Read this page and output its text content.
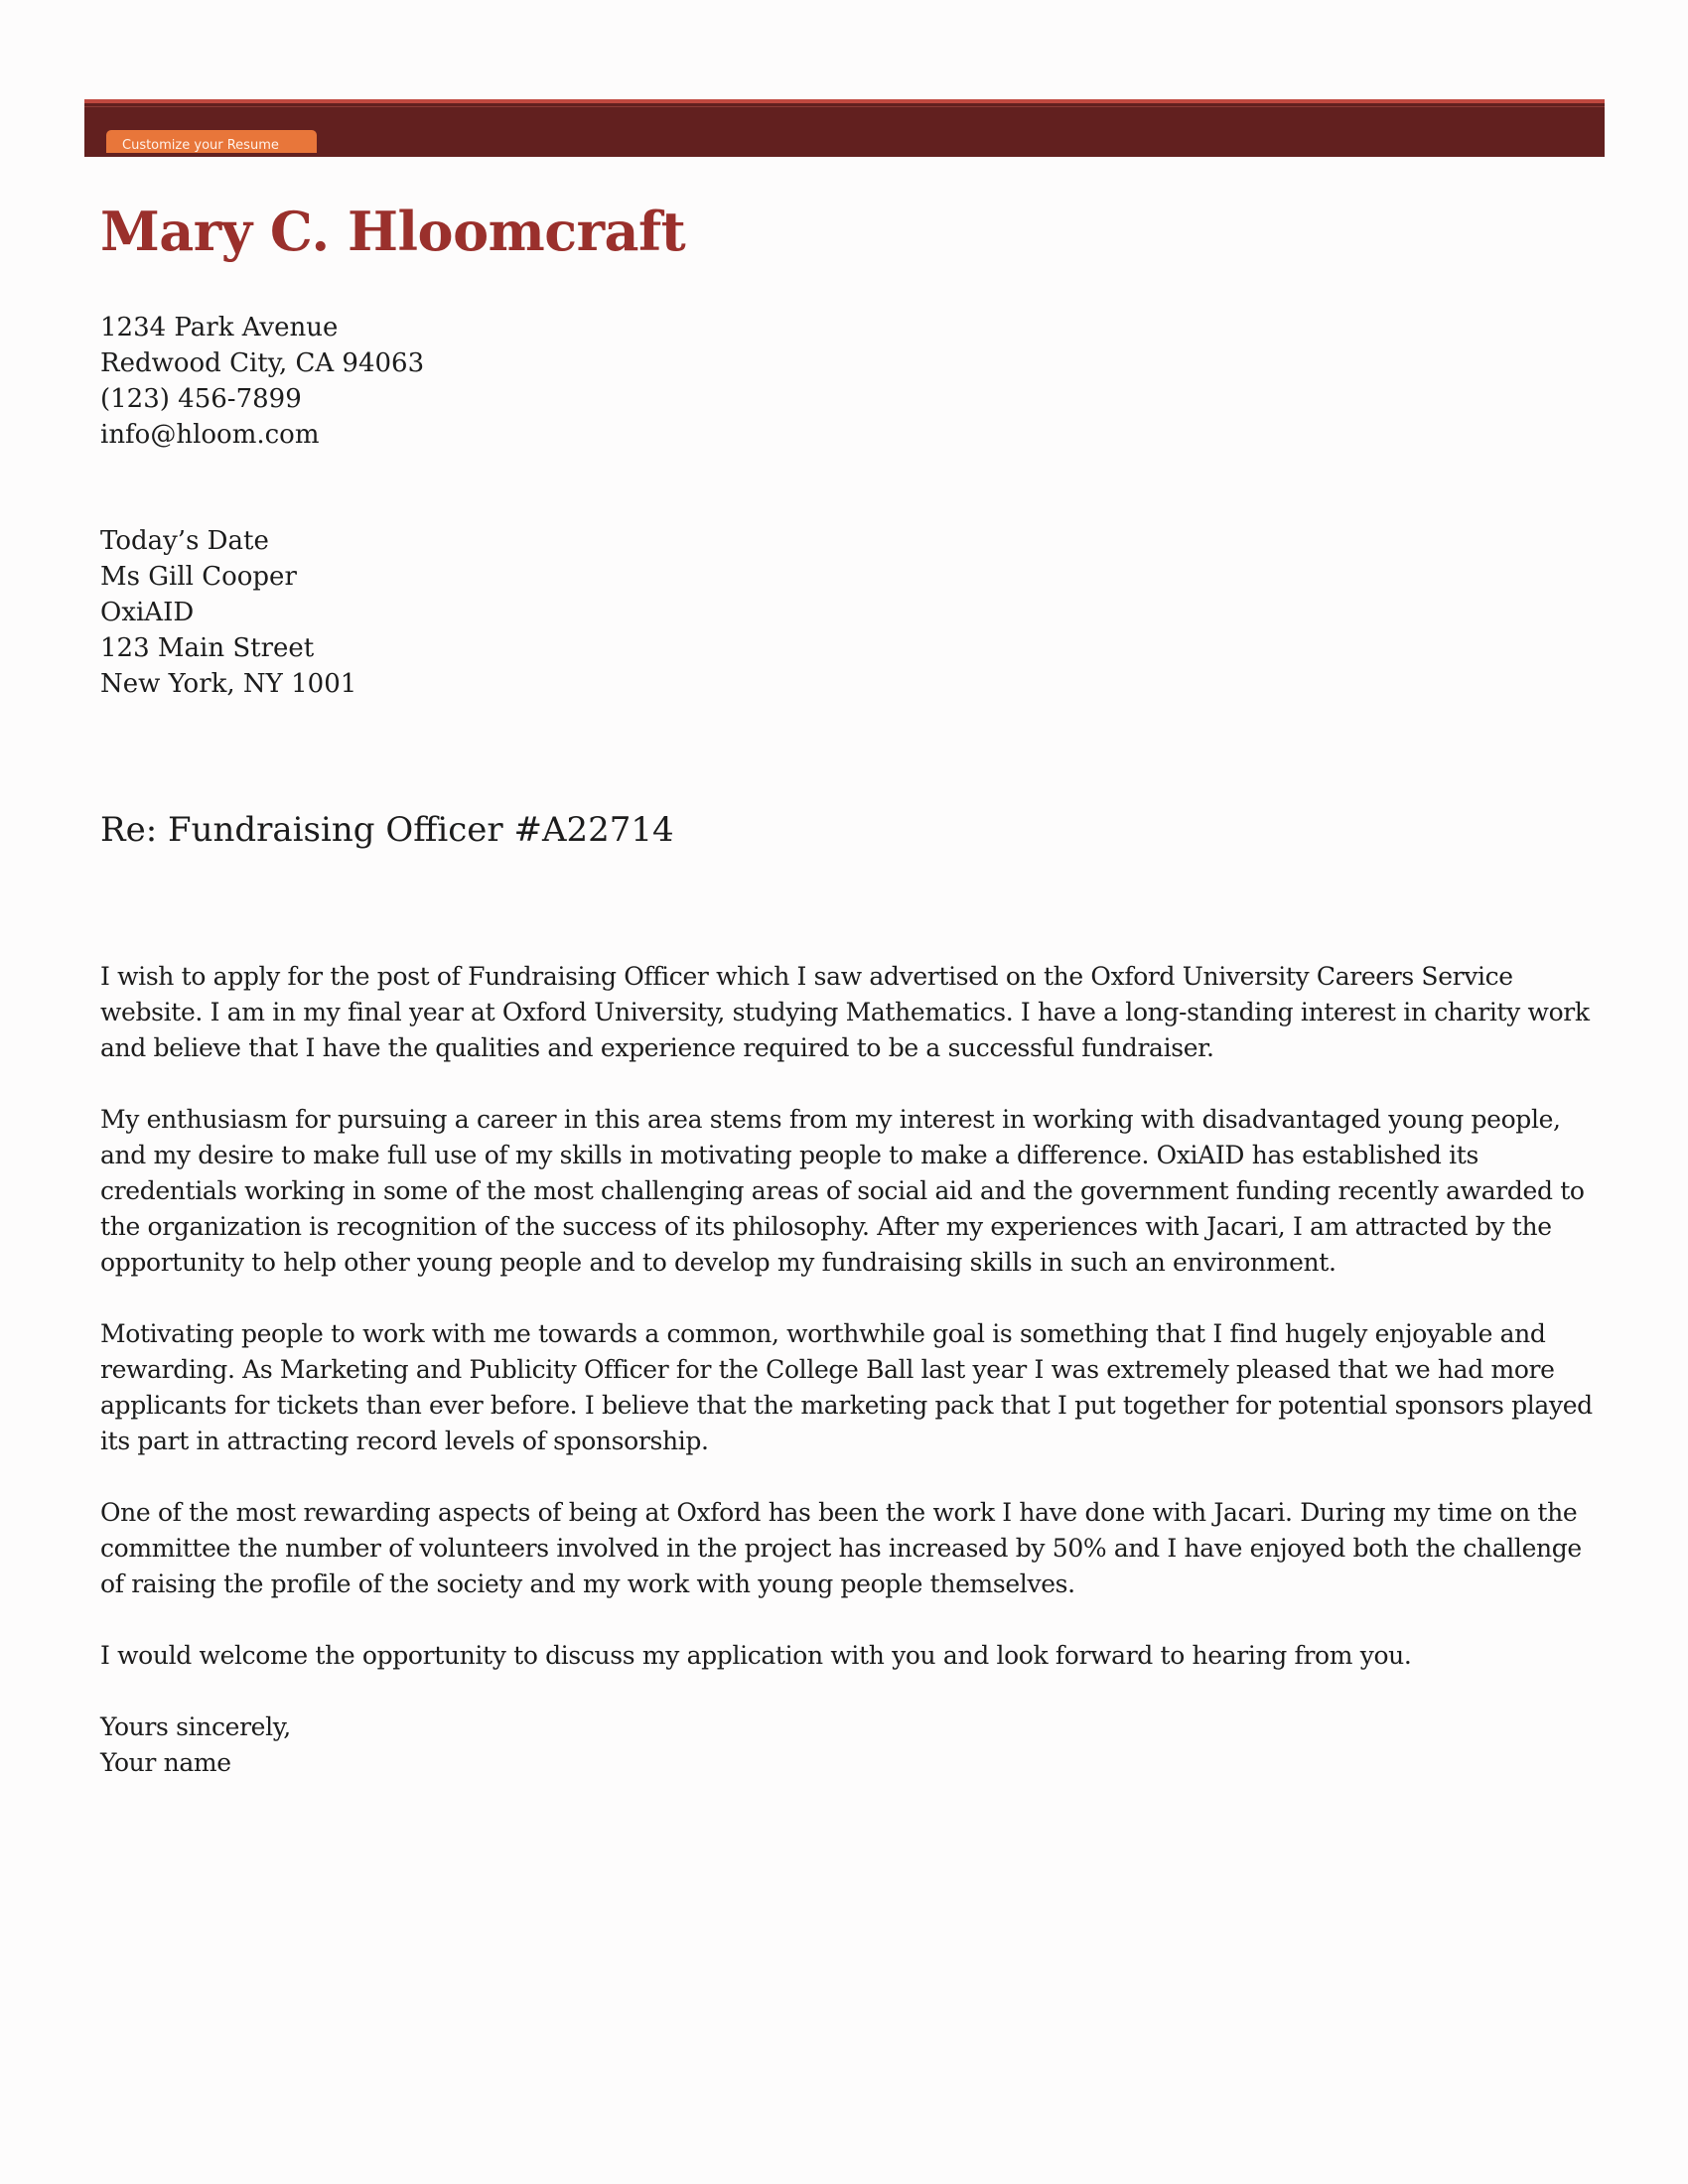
Customize your Resume
Mary C. Hloomcraft
1234 Park Avenue
Redwood City, CA 94063
(123) 456-7899
info@hloom.com
Today’s Date
Ms Gill Cooper
OxiAID
123 Main Street
New York, NY 1001
Re: Fundraising Officer #A22714

I wish to apply for the post of Fundraising Officer which I saw advertised on the Oxford University Careers Service website. I am in my final year at Oxford University, studying Mathematics. I have a long-standing interest in charity work and believe that I have the qualities and experience required to be a successful fundraiser.

My enthusiasm for pursuing a career in this area stems from my interest in working with disadvantaged young people, and my desire to make full use of my skills in motivating people to make a difference. OxiAID has established its credentials working in some of the most challenging areas of social aid and the government funding recently awarded to the organization is recognition of the success of its philosophy. After my experiences with Jacari, I am attracted by the opportunity to help other young people and to develop my fundraising skills in such an environment.

Motivating people to work with me towards a common, worthwhile goal is something that I find hugely enjoyable and rewarding. As Marketing and Publicity Officer for the College Ball last year I was extremely pleased that we had more applicants for tickets than ever before. I believe that the marketing pack that I put together for potential sponsors played its part in attracting record levels of sponsorship.

One of the most rewarding aspects of being at Oxford has been the work I have done with Jacari. During my time on the committee the number of volunteers involved in the project has increased by 50% and I have enjoyed both the challenge of raising the profile of the society and my work with young people themselves.

I would welcome the opportunity to discuss my application with you and look forward to hearing from you.

Yours sincerely,
Your name
